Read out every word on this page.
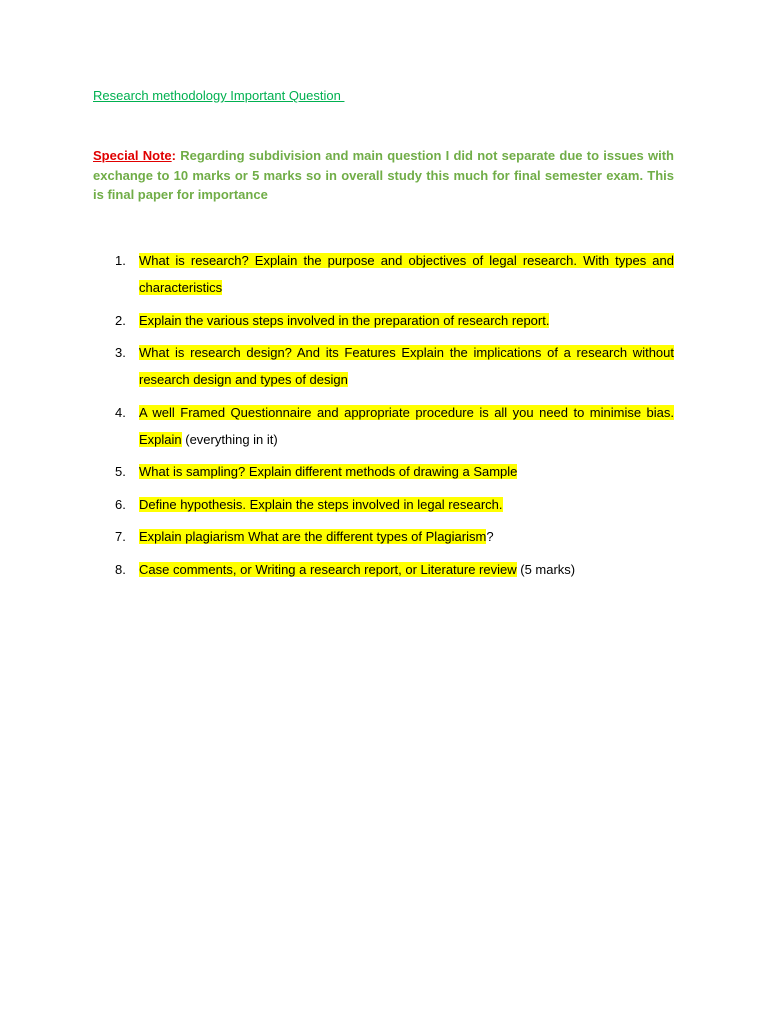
Research methodology Important Question
Special Note: Regarding subdivision and main question I did not separate due to issues with exchange to 10 marks or 5 marks so in overall study this much for final semester exam. This is final paper for importance
1.	What is research? Explain the purpose and objectives of legal research. With types and characteristics
2.	Explain the various steps involved in the preparation of research report.
3.	What is research design? And its Features Explain the implications of a research without research design and types of design
4.	A well Framed Questionnaire and appropriate procedure is all you need to minimise bias. Explain (everything in it)
5.	What is sampling? Explain different methods of drawing a Sample
6.	Define hypothesis. Explain the steps involved in legal research.
7.	Explain plagiarism What are the different types of Plagiarism?
8.	Case comments, or Writing a research report, or Literature review (5 marks)
